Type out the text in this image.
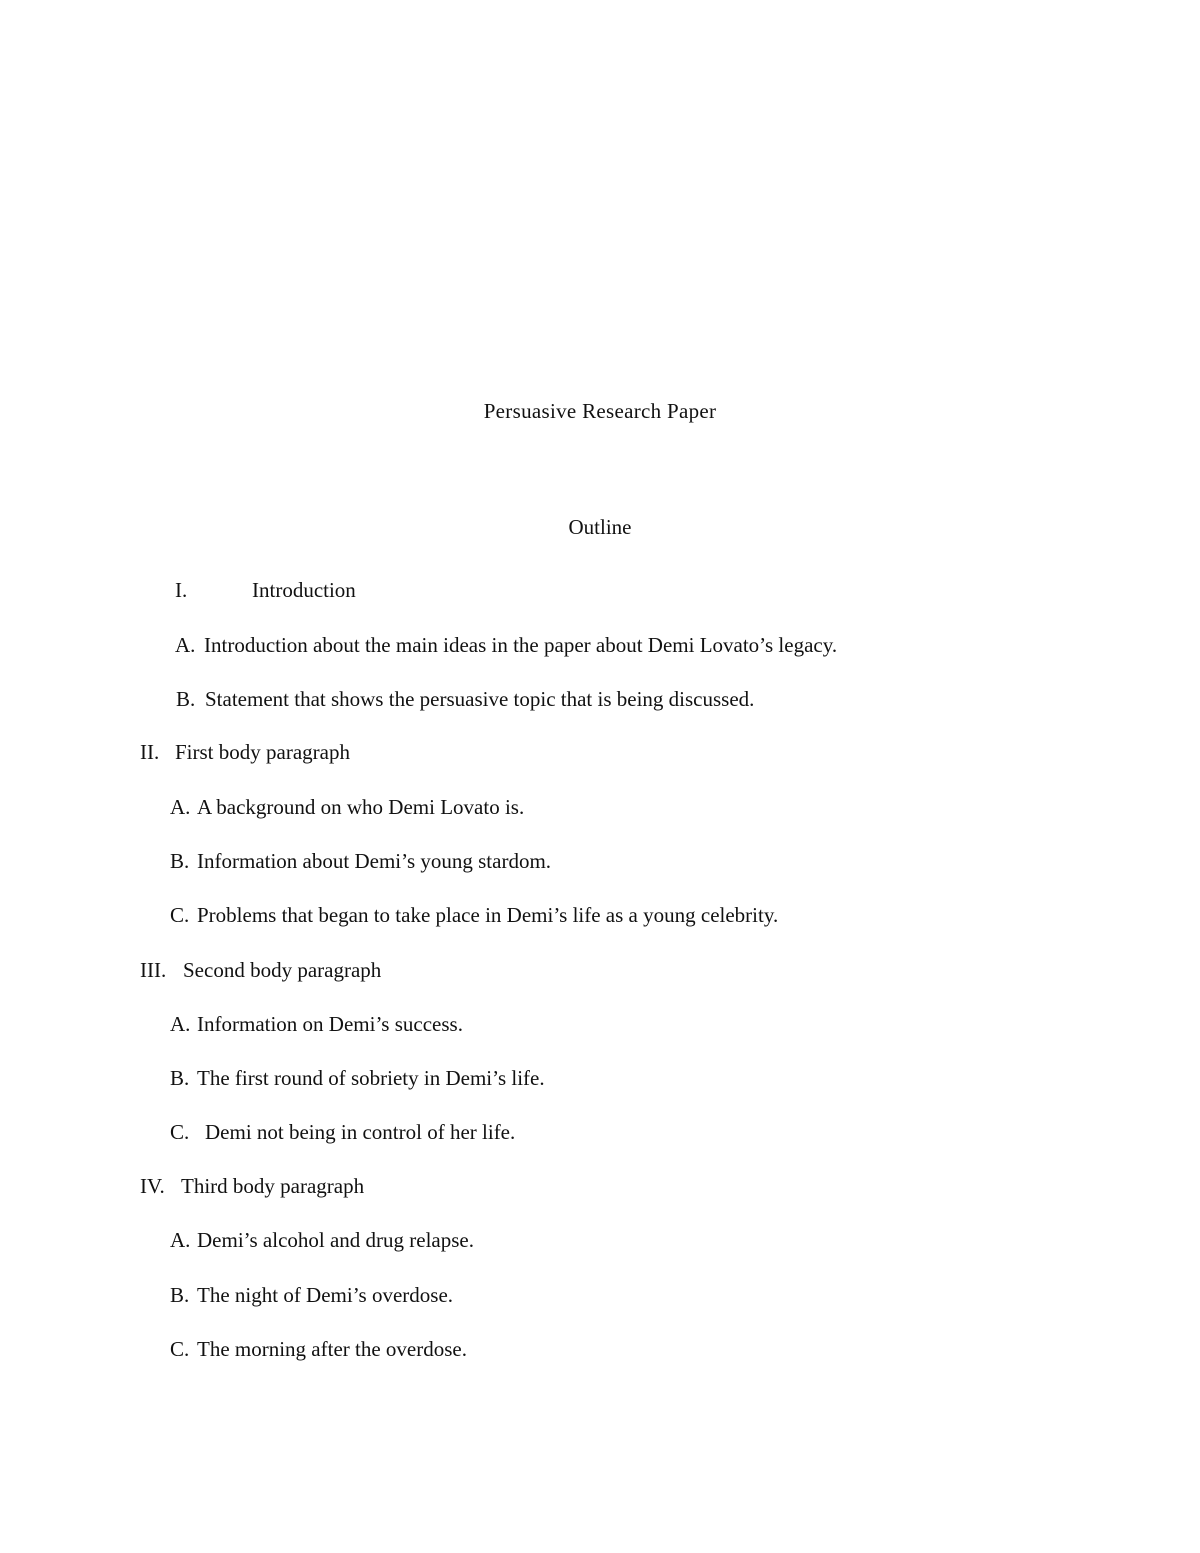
Persuasive Research Paper
Outline
I.	Introduction
A. Introduction about the main ideas in the paper about Demi Lovato’s legacy.
B. Statement that shows the persuasive topic that is being discussed.
II. First body paragraph
A. A background on who Demi Lovato is.
B. Information about Demi’s young stardom.
C. Problems that began to take place in Demi’s life as a young celebrity.
III. Second body paragraph
A. Information on Demi’s success.
B. The first round of sobriety in Demi’s life.
C. Demi not being in control of her life.
IV. Third body paragraph
A. Demi’s alcohol and drug relapse.
B. The night of Demi’s overdose.
C. The morning after the overdose.
